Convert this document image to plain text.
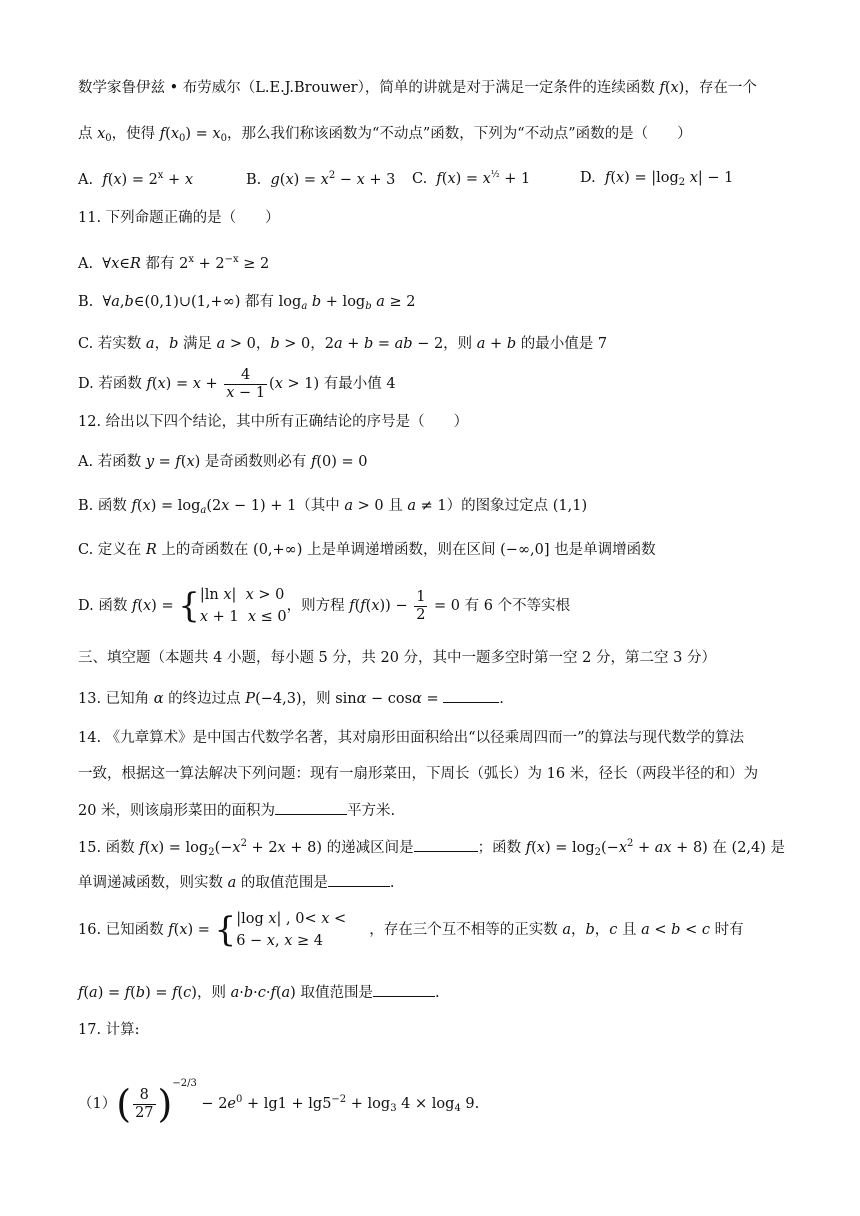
数学家鲁伊兹 • 布劳威尔（L.E.J.Brouwer），简单的讲就是对于满足一定条件的连续函数 f(x)，存在一个
点 $x_0$，使得 $f(x_0) = x_0$，那么我们称该函数为“不动点”函数，下列为“不动点”函数的是（　　）
A.  $f(x) = 2^x + x$	B.  $g(x) = x^2 - x + 3$ C.  $f(x) = x^{\frac{1}{2}} + 1$	D.  $f(x) = |\log_2$ x| − 1
11. 下列命题正确的是（　　）
A.  ∀x∈R 都有 $2^x + 2^{-x} \ge 2$
B.  ∀a,b∈(0,1)∪(1,+∞) 都有 $\log_a b + \log_b a \ge 2$
C. 若实数 a，b 满足 a > 0，b > 0，2a + b = ab − 2，则 a + b 的最小值是 7
D. 若函数 $f(x) = x + \frac{4}{x - 1} (x > 1)$ 有最小值 4
12. 给出以下四个结论，其中所有正确结论的序号是（　　）
A. 若函数 y = f(x) 是奇函数则必有 f(0) = 0
B. 函数 $f(x) = \log_a(2x - 1) + 1$（其中 a > 0 且 a ≠ 1）的图象过定点 (1,1)
C. 定义在 R 上的奇函数在 (0,+∞) 上是单调递增函数，则在区间 (−∞,0] 也是单调增函数
D. 函数 f(x) = { |ln x|  x > 0
x + 1  x ≤ 0
，则方程 $f(f(x)) - \frac{1}{2} = 0$ 有 6 个不等实根
三、填空题（本题共 4 小题，每小题 5 分，共 20 分，其中一题多空时第一空 2 分，第二空 3 分）
13. 已知角 α 的终边过点 P(−4,3)，则 sinα − cosα =	.
14. 《九章算术》是中国古代数学名著，其对扇形田面积给出“以径乘周四而一”的算法与现代数学的算法
一致，根据这一算法解决下列问题：现有一扇形菜田，下周长（弧长）为 16 米，径长（两段半径的和）为
20 米，则该扇形菜田的面积为	平方米.
15. 函数 $f(x) = \log_2(-x^2 + 2x + 8)$ 的递减区间是	；函数 $f(x) = \log_2(-x^2$ + ax + 8) 在 (2,4) 是
单调递减函数，则实数 a 的取值范围是	.
16. 已知函数 f(x) = { |log x| , 0< x <
6 − x, x ≥ 4
，存在三个互不相等的正实数 a，b，c 且 a < b < c 时有
f(a) = f(b) = f(c)，则 a·b·c·f(a) 取值范围是	.
17. 计算:
$(1)( \frac{8}{27} )^{-2/3} - 2e^0 + \lg 1 + \lg 5^{-2} + \log_3 4 \times \log_4 9$.
